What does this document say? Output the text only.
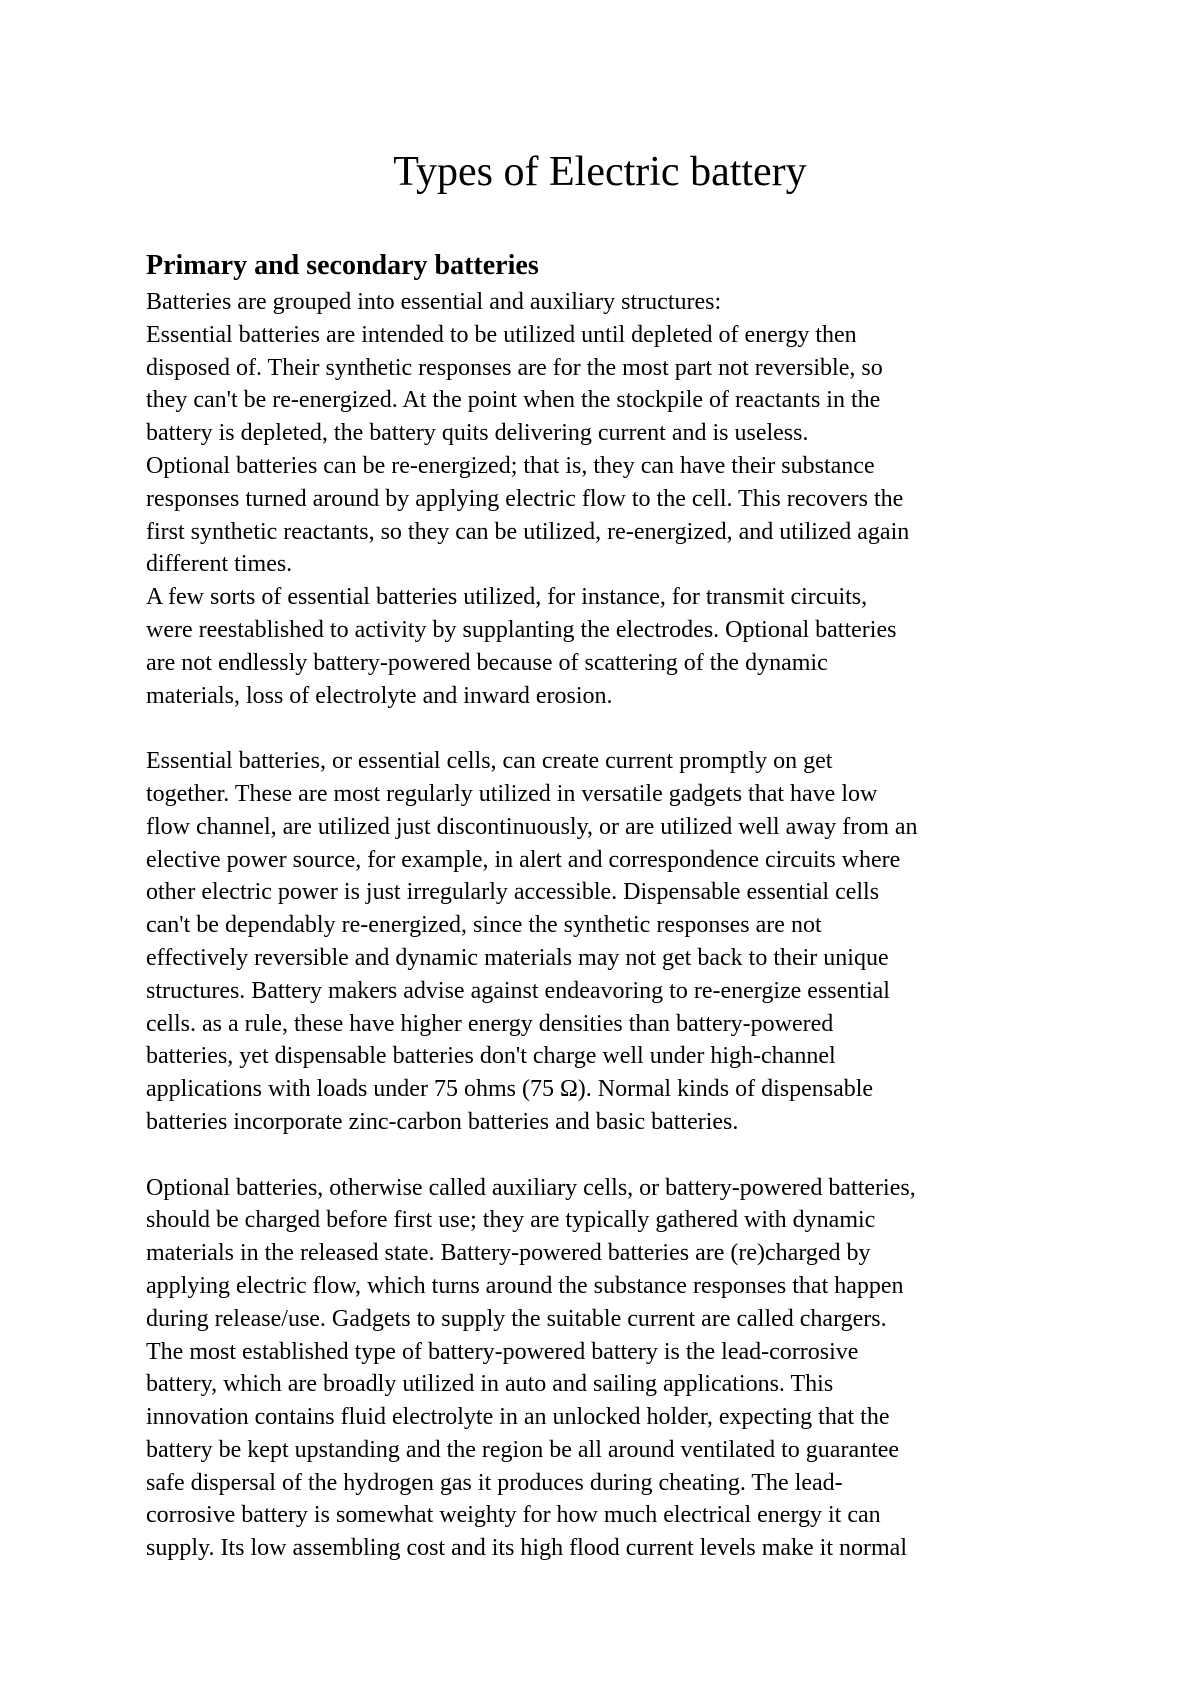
Types of Electric battery
Primary and secondary batteries
Batteries are grouped into essential and auxiliary structures:
Essential batteries are intended to be utilized until depleted of energy then
disposed of. Their synthetic responses are for the most part not reversible, so
they can't be re-energized. At the point when the stockpile of reactants in the
battery is depleted, the battery quits delivering current and is useless.
Optional batteries can be re-energized; that is, they can have their substance
responses turned around by applying electric flow to the cell. This recovers the
first synthetic reactants, so they can be utilized, re-energized, and utilized again
different times.
A few sorts of essential batteries utilized, for instance, for transmit circuits,
were reestablished to activity by supplanting the electrodes. Optional batteries
are not endlessly battery-powered because of scattering of the dynamic
materials, loss of electrolyte and inward erosion.
Essential batteries, or essential cells, can create current promptly on get
together. These are most regularly utilized in versatile gadgets that have low
flow channel, are utilized just discontinuously, or are utilized well away from an
elective power source, for example, in alert and correspondence circuits where
other electric power is just irregularly accessible. Dispensable essential cells
can't be dependably re-energized, since the synthetic responses are not
effectively reversible and dynamic materials may not get back to their unique
structures. Battery makers advise against endeavoring to re-energize essential
cells. as a rule, these have higher energy densities than battery-powered
batteries, yet dispensable batteries don't charge well under high-channel
applications with loads under 75 ohms (75 Ω). Normal kinds of dispensable
batteries incorporate zinc-carbon batteries and basic batteries.
Optional batteries, otherwise called auxiliary cells, or battery-powered batteries,
should be charged before first use; they are typically gathered with dynamic
materials in the released state. Battery-powered batteries are (re)charged by
applying electric flow, which turns around the substance responses that happen
during release/use. Gadgets to supply the suitable current are called chargers.
The most established type of battery-powered battery is the lead-corrosive
battery, which are broadly utilized in auto and sailing applications. This
innovation contains fluid electrolyte in an unlocked holder, expecting that the
battery be kept upstanding and the region be all around ventilated to guarantee
safe dispersal of the hydrogen gas it produces during cheating. The lead-
corrosive battery is somewhat weighty for how much electrical energy it can
supply. Its low assembling cost and its high flood current levels make it normal
